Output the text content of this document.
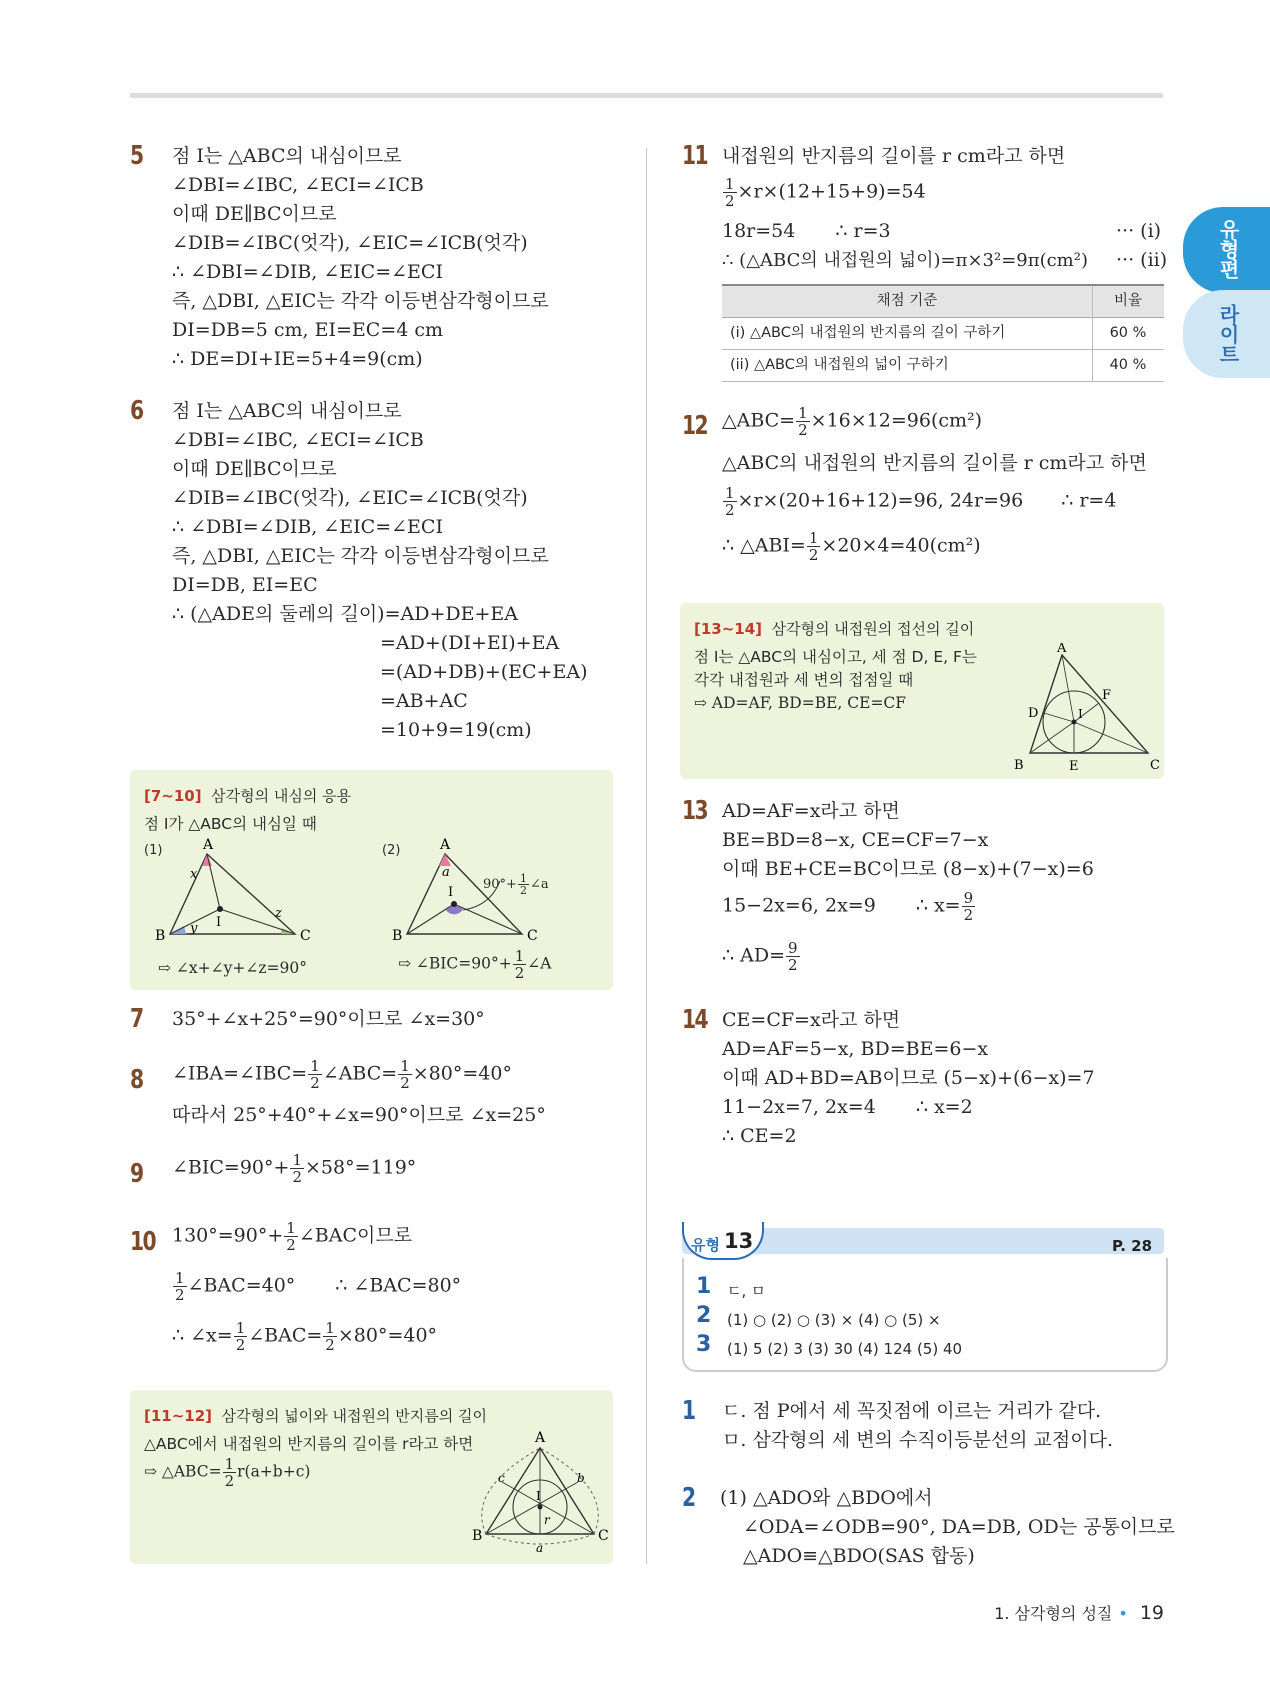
유형편
라이트
5 점 I는 △ABC의 내심이므로
∠DBI=∠IBC, ∠ECI=∠ICB
이때 DE∥BC이므로
∠DIB=∠IBC(엇각), ∠EIC=∠ICB(엇각)
∴ ∠DBI=∠DIB, ∠EIC=∠ECI
즉, △DBI, △EIC는 각각 이등변삼각형이므로
DI=DB=5 cm, EI=EC=4 cm
∴ DE=DI+IE=5+4=9(cm)
6 점 I는 △ABC의 내심이므로
∠DBI=∠IBC, ∠ECI=∠ICB
이때 DE∥BC이므로
∠DIB=∠IBC(엇각), ∠EIC=∠ICB(엇각)
∴ ∠DBI=∠DIB, ∠EIC=∠ECI
즉, △DBI, △EIC는 각각 이등변삼각형이므로
DI=DB, EI=EC
∴ (△ADE의 둘레의 길이)=AD+DE+EA
=AD+(DI+EI)+EA
=(AD+DB)+(EC+EA)
=AB+AC
=10+9=19(cm)
[7~10] 삼각형의 내심의 응용
점 I가 △ABC의 내심일 때
(1)	(2)
A
B	C
I
x
y
z
A
B	C
I
a
$90^\circ+ \frac{1}{2}$ ∠a
⇨ ∠x+∠y+∠z=90°	⇨ ∠BIC=90°+ $\frac{1}{2}$ ∠A
7 35°+∠x+25°=90°이므로 ∠x=30°
8 ∠IBA=∠IBC= $\frac{1}{2}$ ∠ABC= $\frac{1}{2} \times 80^\circ=40^\circ$
따라서 25°+40°+∠x=90°이므로 ∠x=25°
9 ∠BIC=90°+ $\frac{1}{2} \times 58^\circ=119^\circ$
10 $130^\circ=90^\circ+ \frac{1}{2}$ ∠BAC이므로
$\frac{1}{2}$ ∠BAC=40° ∴ ∠BAC=80°
∴ ∠x= $\frac{1}{2}$ ∠BAC= $\frac{1}{2} \times 80^\circ=40^\circ$
[11~12] 삼각형의 넓이와 내접원의 반지름의 길이
△ABC에서 내접원의 반지름의 길이를 r라고 하면
⇨ △ABC= $\frac{1}{2} r(a+b+c)$
A
B	C
I
r
c	b
a
11 내접원의 반지름의 길이를 r cm라고 하면
$\frac{1}{2} \times r\times(12+15+9)=54$
18r=54 ∴ r=3	··· (i)
∴ (△ABC의 내접원의 넓이)=π×3²=9π(cm²) ··· (ii)
채점 기준	비율
(i) △ABC의 내접원의 반지름의 길이 구하기	60 %
(ii) △ABC의 내접원의 넓이 구하기	40 %
12 △ABC= $\frac{1}{2} \times 16\times 12=96(cm^2)$
△ABC의 내접원의 반지름의 길이를 r cm라고 하면
$\frac{1}{2} \times r\times(20+16+12)=96$, 24r=96 ∴ r=4
∴ △ABI= $\frac{1}{2} \times 20\times 4=40(cm^2)$
[13~14] 삼각형의 내접원의 접선의 길이
점 I는 △ABC의 내심이고, 세 점 D, E, F는
각각 내접원과 세 변의 접점일 때
⇨ AD=AF, BD=BE, CE=CF
A
B	C
D
E
F
I
13 AD=AF=x라고 하면
BE=BD=8−x, CE=CF=7−x
이때 BE+CE=BC이므로 (8−x)+(7−x)=6
15−2x=6, 2x=9 ∴ $x= \frac{9}{2}$
∴ $AD= \frac{9}{2}$
14 CE=CF=x라고 하면
AD=AF=5−x, BD=BE=6−x
이때 AD+BD=AB이므로 (5−x)+(6−x)=7
11−2x=7, 2x=4 ∴ x=2
∴ CE=2
유형 13	P. 28
1 ㄷ, ㅁ
2 (1) ○ (2) ○ (3) × (4) ○ (5) ×
3 (1) 5 (2) 3 (3) 30 (4) 124 (5) 40
1 ㄷ. 점 P에서 세 꼭짓점에 이르는 거리가 같다.
ㅁ. 삼각형의 세 변의 수직이등분선의 교점이다.
2 (1) △ADO와 △BDO에서
∠ODA=∠ODB=90°, DA=DB, OD는 공통이므로
△ADO≡△BDO(SAS 합동)
1. 삼각형의 성질 • 19
